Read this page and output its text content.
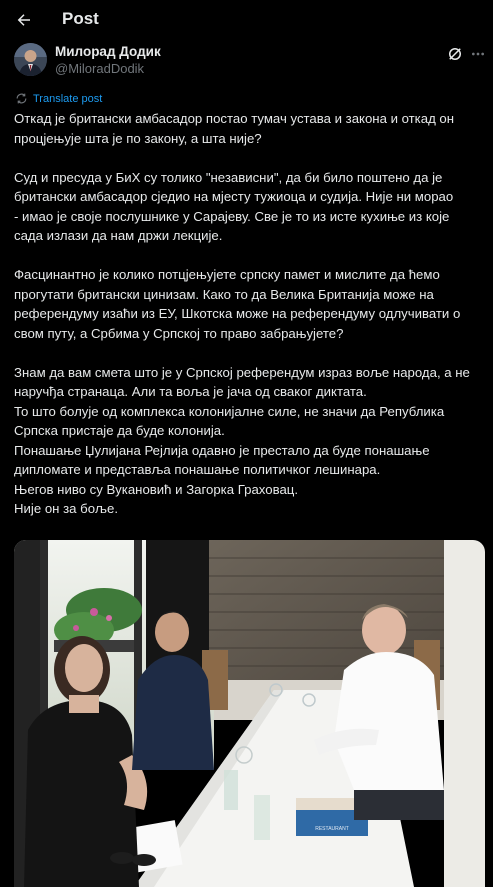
Post
Милорад Додик
@MiloradDodik
Translate post
Откад је британски амбасадор постао тумач устава и закона и откад он
процјењује шта је по закону, а шта није?
Суд и пресуда у БиХ су толико "независни", да би било поштено да је
британски амбасадор сједио на мјесту тужиоца и судија. Није ни морао
- имао је своје послушнике у Сарајеву. Све је то из исте кухиње из које
сада излази да нам држи лекције.
Фасцинантно је колико потцјењујете српску памет и мислите да ћемо
прогутати британски цинизам. Како то да Велика Британија може на
референдуму изаћи из ЕУ, Шкотска може на референдуму одлучивати о
свом путу, а Србима у Српској то право забрањујете?
Знам да вам смета што је у Српској референдум израз воље народа, а не
наручђа странаца. Али та воља је јача од сваког диктата.
То што болује од комплекса колонијалне силе, не значи да Република
Српска пристаје да буде колонија.
Понашање Џулијана Рејлија одавно је престало да буде понашање
дипломате и представља понашање политичког лешинара.
Његов ниво су Вукановић и Загорка Граховац.
Није он за боље.
RESTAURANT
